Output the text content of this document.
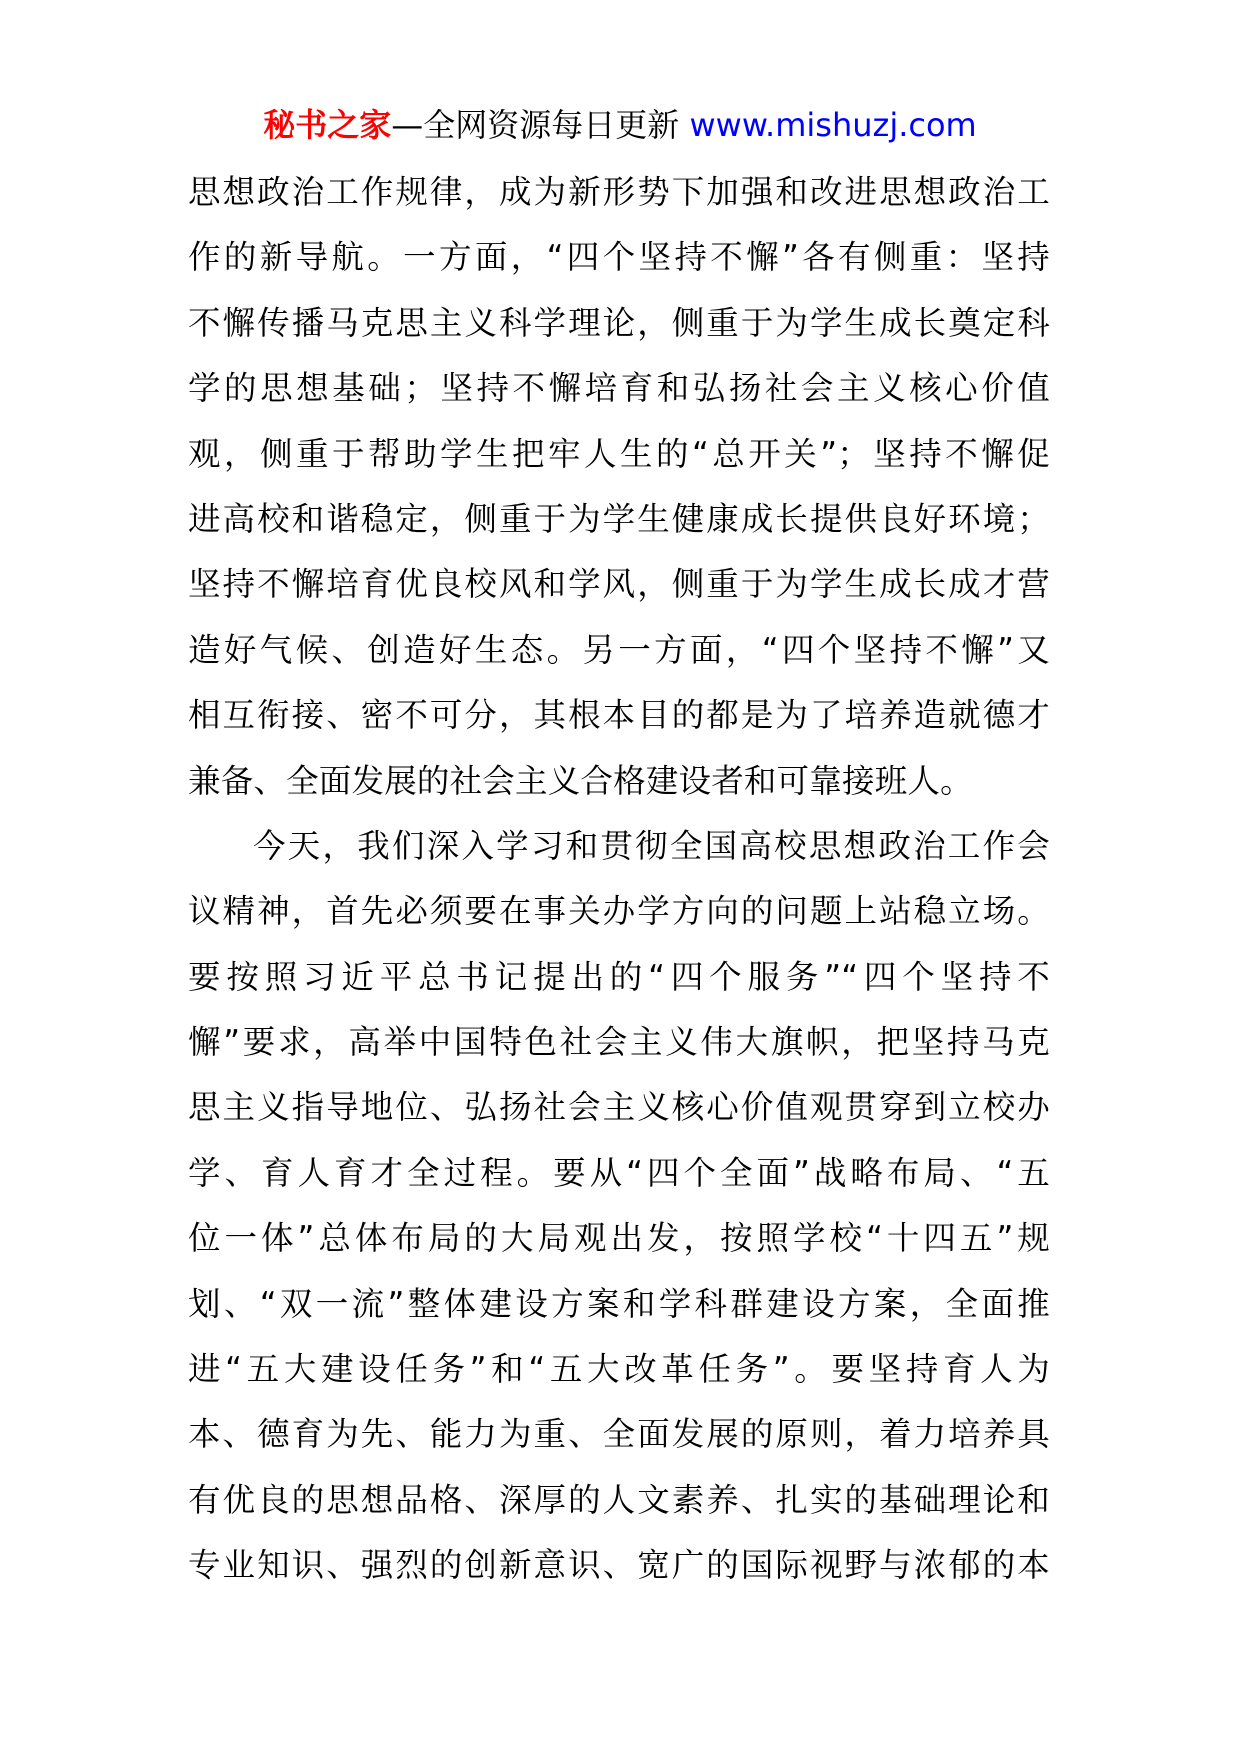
秘书之家—全网资源每日更新 www.mishuzj.com
思想政治工作规律，成为新形势下加强和改进思想政治工
作的新导航。一方面，“四个坚持不懈”各有侧重：坚持
不懈传播马克思主义科学理论，侧重于为学生成长奠定科
学的思想基础；坚持不懈培育和弘扬社会主义核心价值
观，侧重于帮助学生把牢人生的“总开关”；坚持不懈促
进高校和谐稳定，侧重于为学生健康成长提供良好环境；
坚持不懈培育优良校风和学风，侧重于为学生成长成才营
造好气候、创造好生态。另一方面，“四个坚持不懈”又
相互衔接、密不可分，其根本目的都是为了培养造就德才
兼备、全面发展的社会主义合格建设者和可靠接班人。
今天，我们深入学习和贯彻全国高校思想政治工作会
议精神，首先必须要在事关办学方向的问题上站稳立场。
要按照习近平总书记提出的“四个服务”“四个坚持不
懈”要求，高举中国特色社会主义伟大旗帜，把坚持马克
思主义指导地位、弘扬社会主义核心价值观贯穿到立校办
学、育人育才全过程。要从“四个全面”战略布局、“五
位一体”总体布局的大局观出发，按照学校“十四五”规
划、“双一流”整体建设方案和学科群建设方案，全面推
进“五大建设任务”和“五大改革任务”。要坚持育人为
本、德育为先、能力为重、全面发展的原则，着力培养具
有优良的思想品格、深厚的人文素养、扎实的基础理论和
专业知识、强烈的创新意识、宽广的国际视野与浓郁的本
